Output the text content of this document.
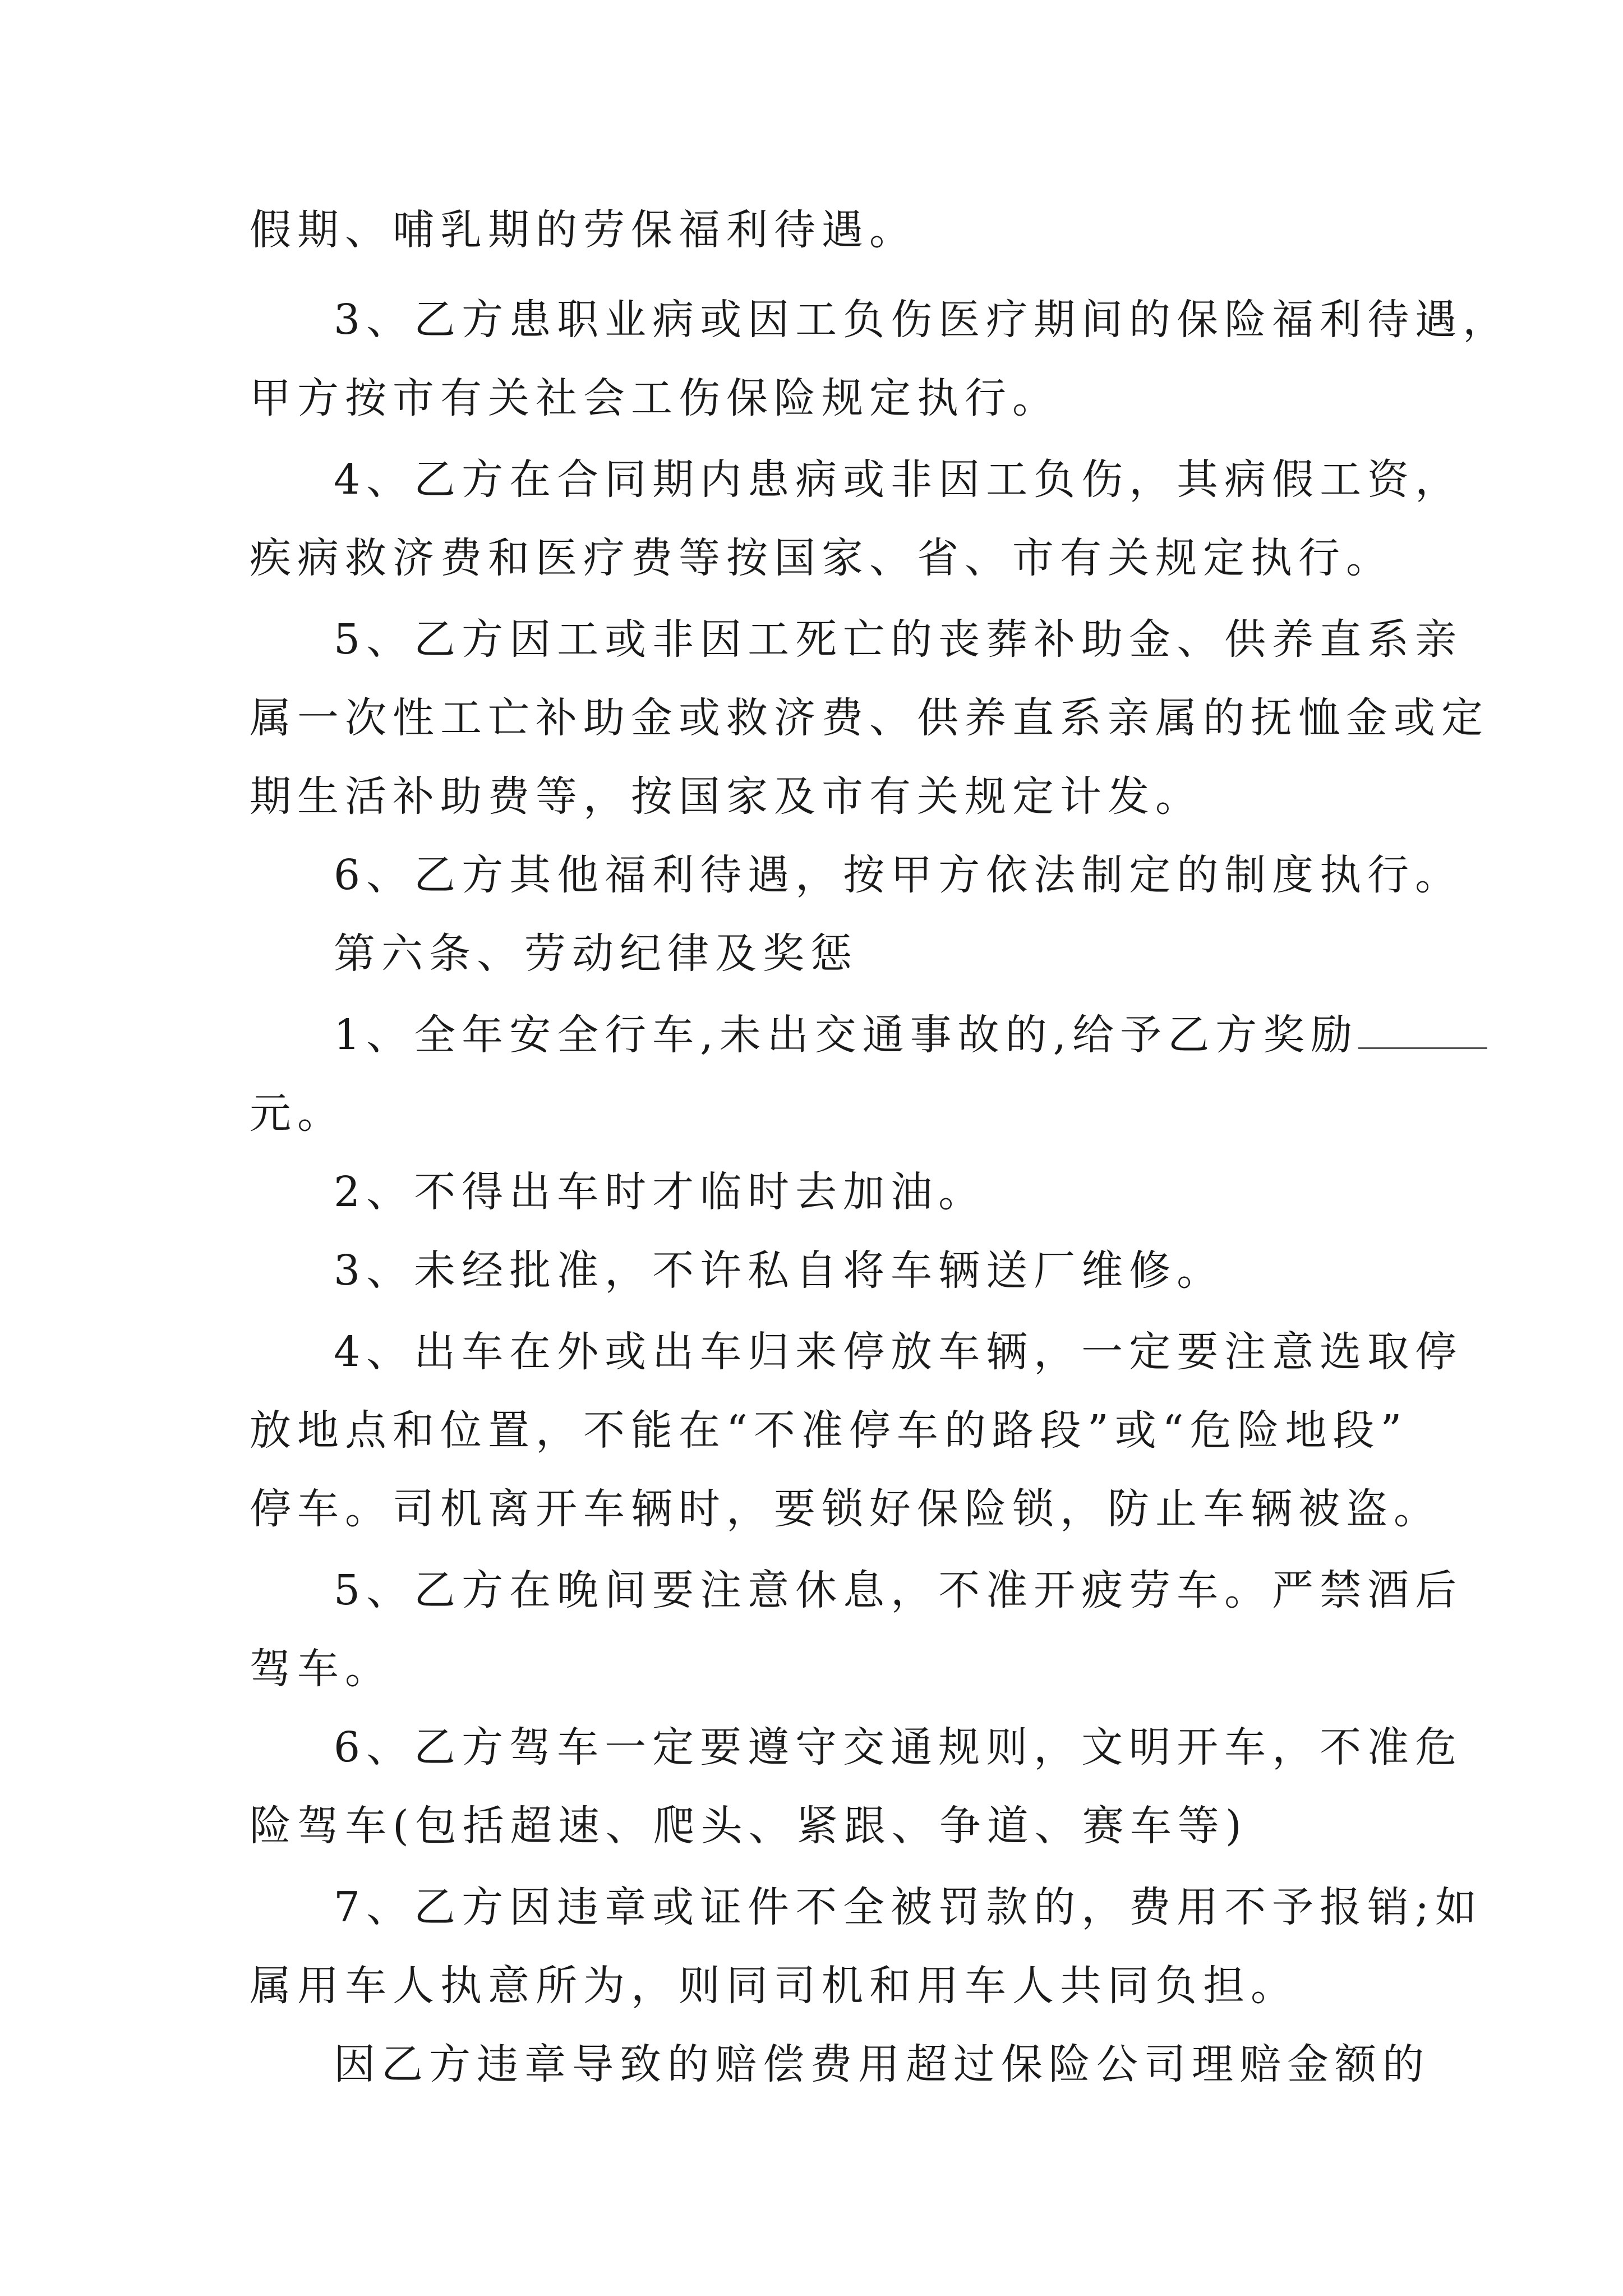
假期、哺乳期的劳保福利待遇。
3、乙方患职业病或因工负伤医疗期间的保险福利待遇，
甲方按市有关社会工伤保险规定执行。
4、乙方在合同期内患病或非因工负伤，其病假工资，
疾病救济费和医疗费等按国家、省、市有关规定执行。
5、乙方因工或非因工死亡的丧葬补助金、供养直系亲
属一次性工亡补助金或救济费、供养直系亲属的抚恤金或定
期生活补助费等，按国家及市有关规定计发。
6、乙方其他福利待遇，按甲方依法制定的制度执行。
第六条、劳动纪律及奖惩
1、全年安全行车,未出交通事故的,给予乙方奖励
元。
2、不得出车时才临时去加油。
3、未经批准，不许私自将车辆送厂维修。
4、出车在外或出车归来停放车辆，一定要注意选取停
放地点和位置，不能在“不准停车的路段”或“危险地段”
停车。司机离开车辆时，要锁好保险锁，防止车辆被盗。
5、乙方在晚间要注意休息，不准开疲劳车。严禁酒后
驾车。
6、乙方驾车一定要遵守交通规则，文明开车，不准危
险驾车(包括超速、爬头、紧跟、争道、赛车等)
7、乙方因违章或证件不全被罚款的，费用不予报销;如
属用车人执意所为，则同司机和用车人共同负担。
因乙方违章导致的赔偿费用超过保险公司理赔金额的
